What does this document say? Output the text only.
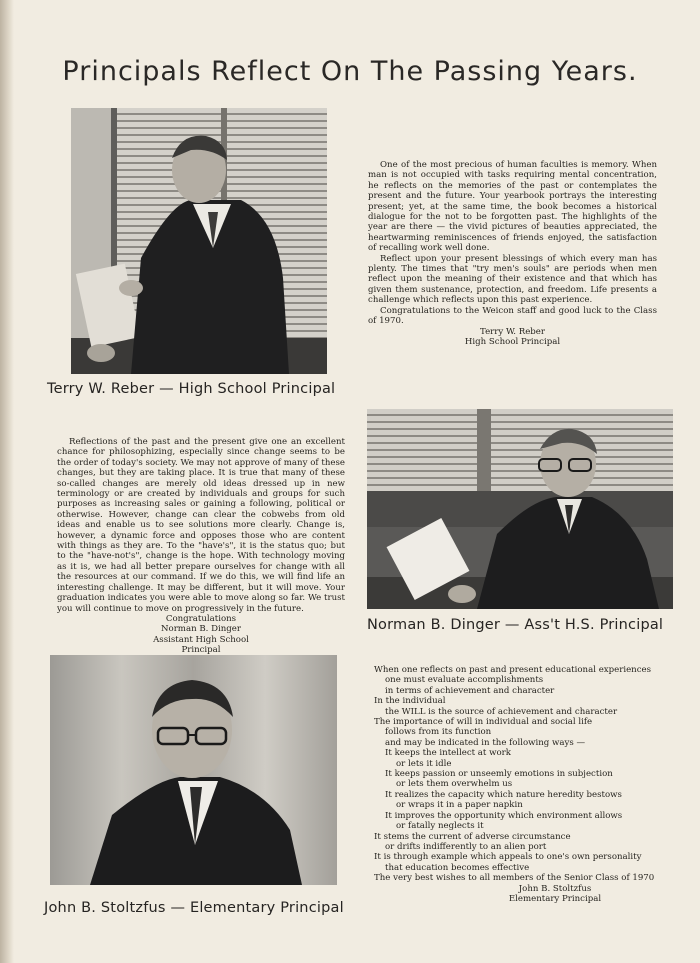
Principals Reflect On The Passing Years.
Terry W. Reber — High School Principal

One of the most precious of human faculties is memory. When man is not occupied with tasks requiring mental concentration, he reflects on the memories of the past or contemplates the present and the future. Your yearbook portrays the interesting present; yet, at the same time, the book becomes a historical dialogue for the not to be forgotten past. The highlights of the year are there — the vivid pictures of beauties appreciated, the heartwarming reminiscences of friends enjoyed, the satisfaction of recalling work well done.

Reflect upon your present blessings of which every man has plenty. The times that "try men's souls" are periods when men reflect upon the meaning of their existence and that which has given them sustenance, protection, and freedom. Life presents a challenge which reflects upon this past experience.

Congratulations to the Weicon staff and good luck to the Class of 1970.

Terry W. Reber
High School Principal

Reflections of the past and the present give one an excellent chance for philosophizing, especially since change seems to be the order of today's society. We may not approve of many of these changes, but they are taking place. It is true that many of these so-called changes are merely old ideas dressed up in new terminology or are created by individuals and groups for such purposes as increasing sales or gaining a following, political or otherwise. However, change can clear the cobwebs from old ideas and enable us to see solutions more clearly. Change is, however, a dynamic force and opposes those who are content with things as they are. To the "have's", it is the status quo; but to the "have-not's", change is the hope. With technology moving as it is, we had all better prepare ourselves for change with all the resources at our command. If we do this, we will find life an interesting challenge. It may be different, but it will move. Your graduation indicates you were able to move along so far. We trust you will continue to move on progressively in the future.

Congratulations
Norman B. Dinger
Assistant High School
Principal
Norman B. Dinger — Ass't H.S. Principal
John B. Stoltzfus — Elementary Principal
When one reflects on past and present educational experiences
one must evaluate accomplishments
in terms of achievement and character
In the individual
the WILL is the source of achievement and character
The importance of will in individual and social life
follows from its function
and may be indicated in the following ways —
It keeps the intellect at work
or lets it idle
It keeps passion or unseemly emotions in subjection
or lets them overwhelm us
It realizes the capacity which nature heredity bestows
or wraps it in a paper napkin
It improves the opportunity which environment allows
or fatally neglects it
It stems the current of adverse circumstance
or drifts indifferently to an alien port
It is through example which appeals to one's own personality
that education becomes effective
The very best wishes to all members of the Senior Class of 1970
John B. Stoltzfus
Elementary Principal
